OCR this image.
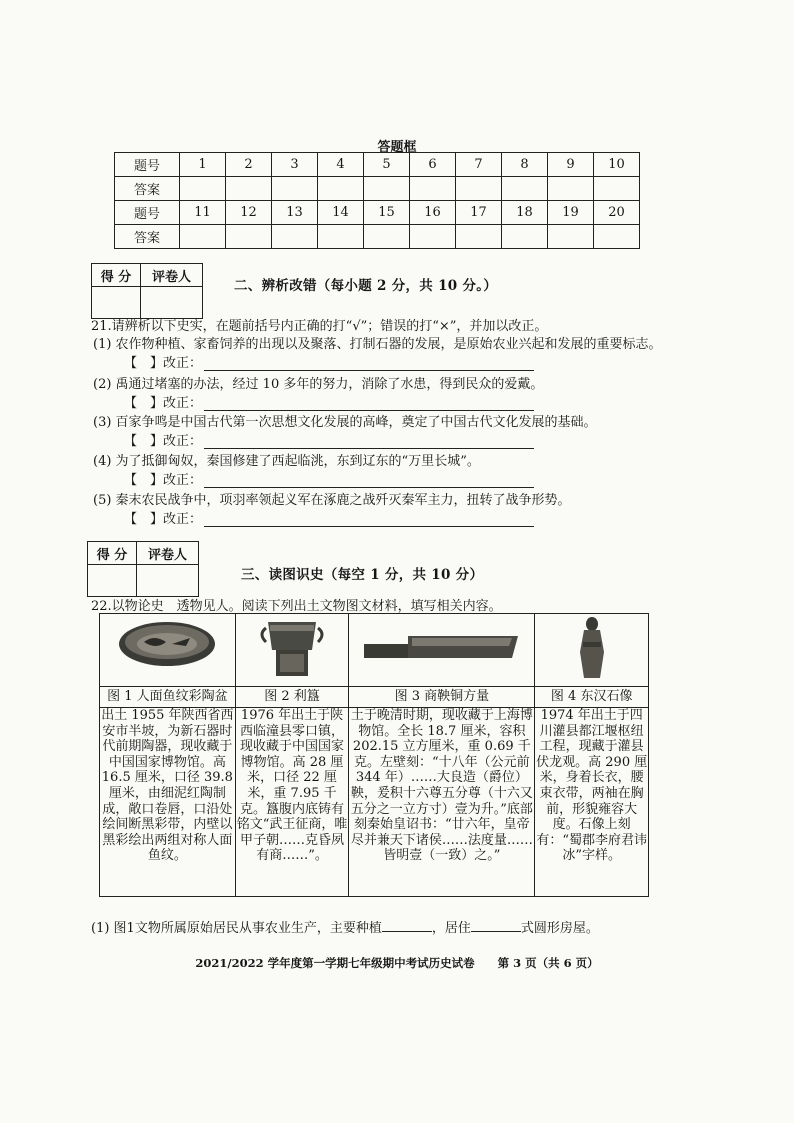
答题框
题号	1	2	3	4	5	6	7	8	9	10
答案										
题号	11	12	13	14	15	16	17	18	19	20
答案										
得 分	评卷人

二、辨析改错（每小题 2 分，共 10 分。）
21.请辨析以下史实，在题前括号内正确的打“√”；错误的打“×”，并加以改正。
(1) 农作物种植、家畜饲养的出现以及聚落、打制石器的发展，是原始农业兴起和发展的重要标志。
【　】改正：
(2) 禹通过堵塞的办法，经过 10 多年的努力，消除了水患，得到民众的爱戴。
【　】改正：
(3) 百家争鸣是中国古代第一次思想文化发展的高峰，奠定了中国古代文化发展的基础。
【　】改正：
(4) 为了抵御匈奴，秦国修建了西起临洮，东到辽东的“万里长城”。
【　】改正：
(5) 秦末农民战争中，项羽率领起义军在涿鹿之战歼灭秦军主力，扭转了战争形势。
【　】改正：
得 分	评卷人

三、读图识史（每空 1 分，共 10 分）
22.以物论史　透物见人。阅读下列出土文物图文材料，填写相关内容。

图 1 人面鱼纹彩陶盆	图 2 利簋	图 3 商鞅铜方量	图 4 东汉石像
出土 1955 年陕西省西安市半坡，为新石器时代前期陶器，现收藏于中国国家博物馆。高 16.5 厘米，口径 39.8 厘米，由细泥红陶制成，敞口卷唇，口沿处绘间断黑彩带，内壁以黑彩绘出两组对称人面鱼纹。	1976 年出土于陕西临潼县零口镇，现收藏于中国国家博物馆。高 28 厘米，口径 22 厘米，重 7.95 千克。簋腹内底铸有铭文“武王征商，唯甲子朝……克昏夙有商……”。	土于晚清时期，现收藏于上海博物馆。全长 18.7 厘米，容积 202.15 立方厘米，重 0.69 千克。左壁刻：“十八年（公元前344 年）……大良造（爵位）鞅，爰积十六尊五分尊（十六又五分之一立方寸）壹为升。”底部刻秦始皇诏书：“廿六年，皇帝尽并兼天下诸侯……法度量……皆明壹（一致）之。”	1974 年出土于四川灌县都江堰枢纽工程，现藏于灌县伏龙观。高 290 厘米，身着长衣，腰束衣带，两袖在胸前，形貌雍容大度。石像上刻有：“蜀郡李府君讳冰”字样。
(1) 图1文物所属原始居民从事农业生产，主要种植	，居住	式圆形房屋。
2021/2022 学年度第一学期七年级期中考试历史试卷　　第 3 页（共 6 页）
